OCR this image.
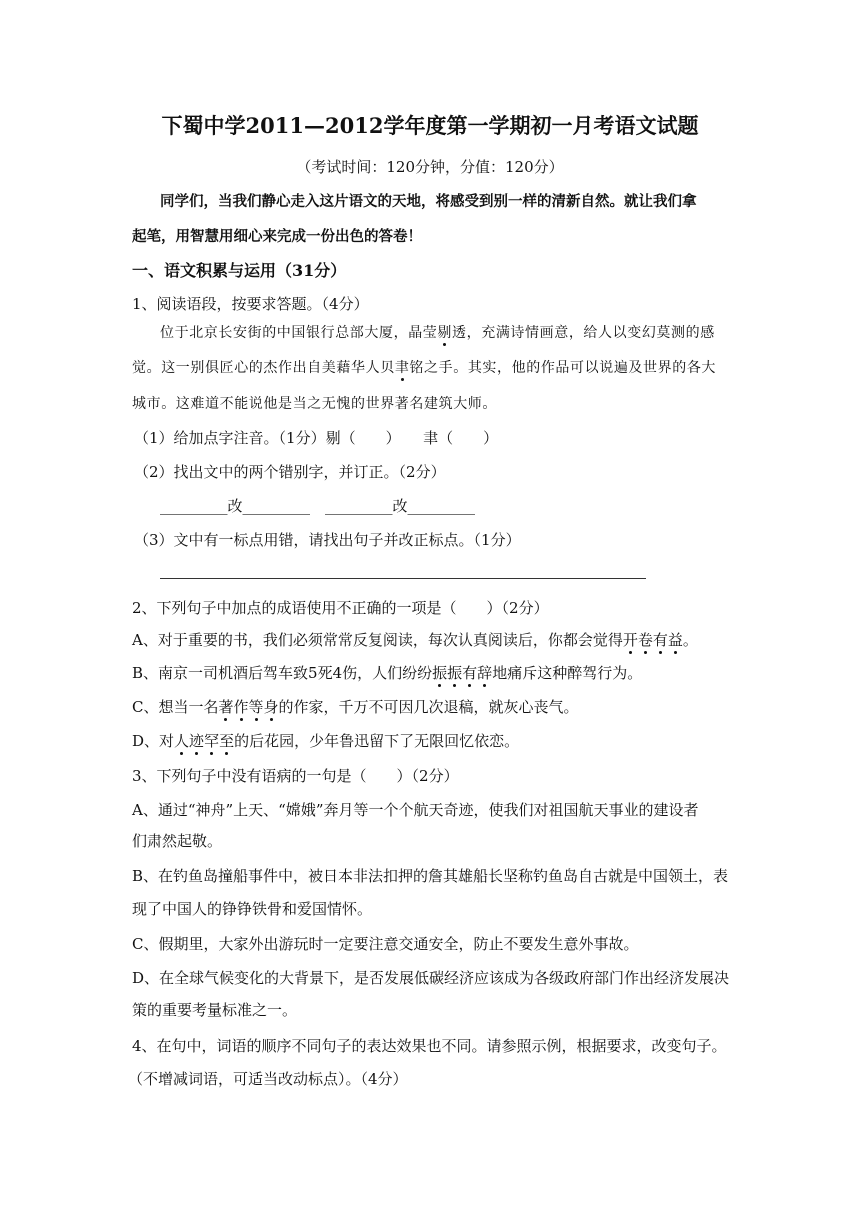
下蜀中学2011—2012学年度第一学期初一月考语文试题
（考试时间：120分钟，分值：120分）
同学们，当我们静心走入这片语文的天地，将感受到别一样的清新自然。就让我们拿
起笔，用智慧用细心来完成一份出色的答卷！
一、语文积累与运用（31分）
1、阅读语段，按要求答题。（4分）
位于北京长安街的中国银行总部大厦，晶莹剔透，充满诗情画意，给人以变幻莫测的感
觉。这一别俱匠心的杰作出自美藉华人贝聿铭之手。其实，他的作品可以说遍及世界的各大
城市。这难道不能说他是当之无愧的世界著名建筑大师。
（1）给加点字注音。（1分）剔（　　）　　聿（　　）
（2）找出文中的两个错别字，并订正。（2分）
_________改_________　_________改_________
（3）文中有一标点用错，请找出句子并改正标点。（1分）
2、下列句子中加点的成语使用不正确的一项是（　　）（2分）
A、对于重要的书，我们必须常常反复阅读，每次认真阅读后，你都会觉得开卷有益。
B、南京一司机酒后驾车致5死4伤，人们纷纷振振有辞地痛斥这种醉驾行为。
C、想当一名著作等身的作家，千万不可因几次退稿，就灰心丧气。
D、对人迹罕至的后花园，少年鲁迅留下了无限回忆依恋。
3、下列句子中没有语病的一句是（　　）（2分）
A、通过“神舟”上天、“嫦娥”奔月等一个个航天奇迹，使我们对祖国航天事业的建设者
们肃然起敬。
B、在钓鱼岛撞船事件中，被日本非法扣押的詹其雄船长坚称钓鱼岛自古就是中国领土，表
现了中国人的铮铮铁骨和爱国情怀。
C、假期里，大家外出游玩时一定要注意交通安全，防止不要发生意外事故。
D、在全球气候变化的大背景下，是否发展低碳经济应该成为各级政府部门作出经济发展决
策的重要考量标准之一。
4、在句中，词语的顺序不同句子的表达效果也不同。请参照示例，根据要求，改变句子。
（不增减词语，可适当改动标点）。（4分）
